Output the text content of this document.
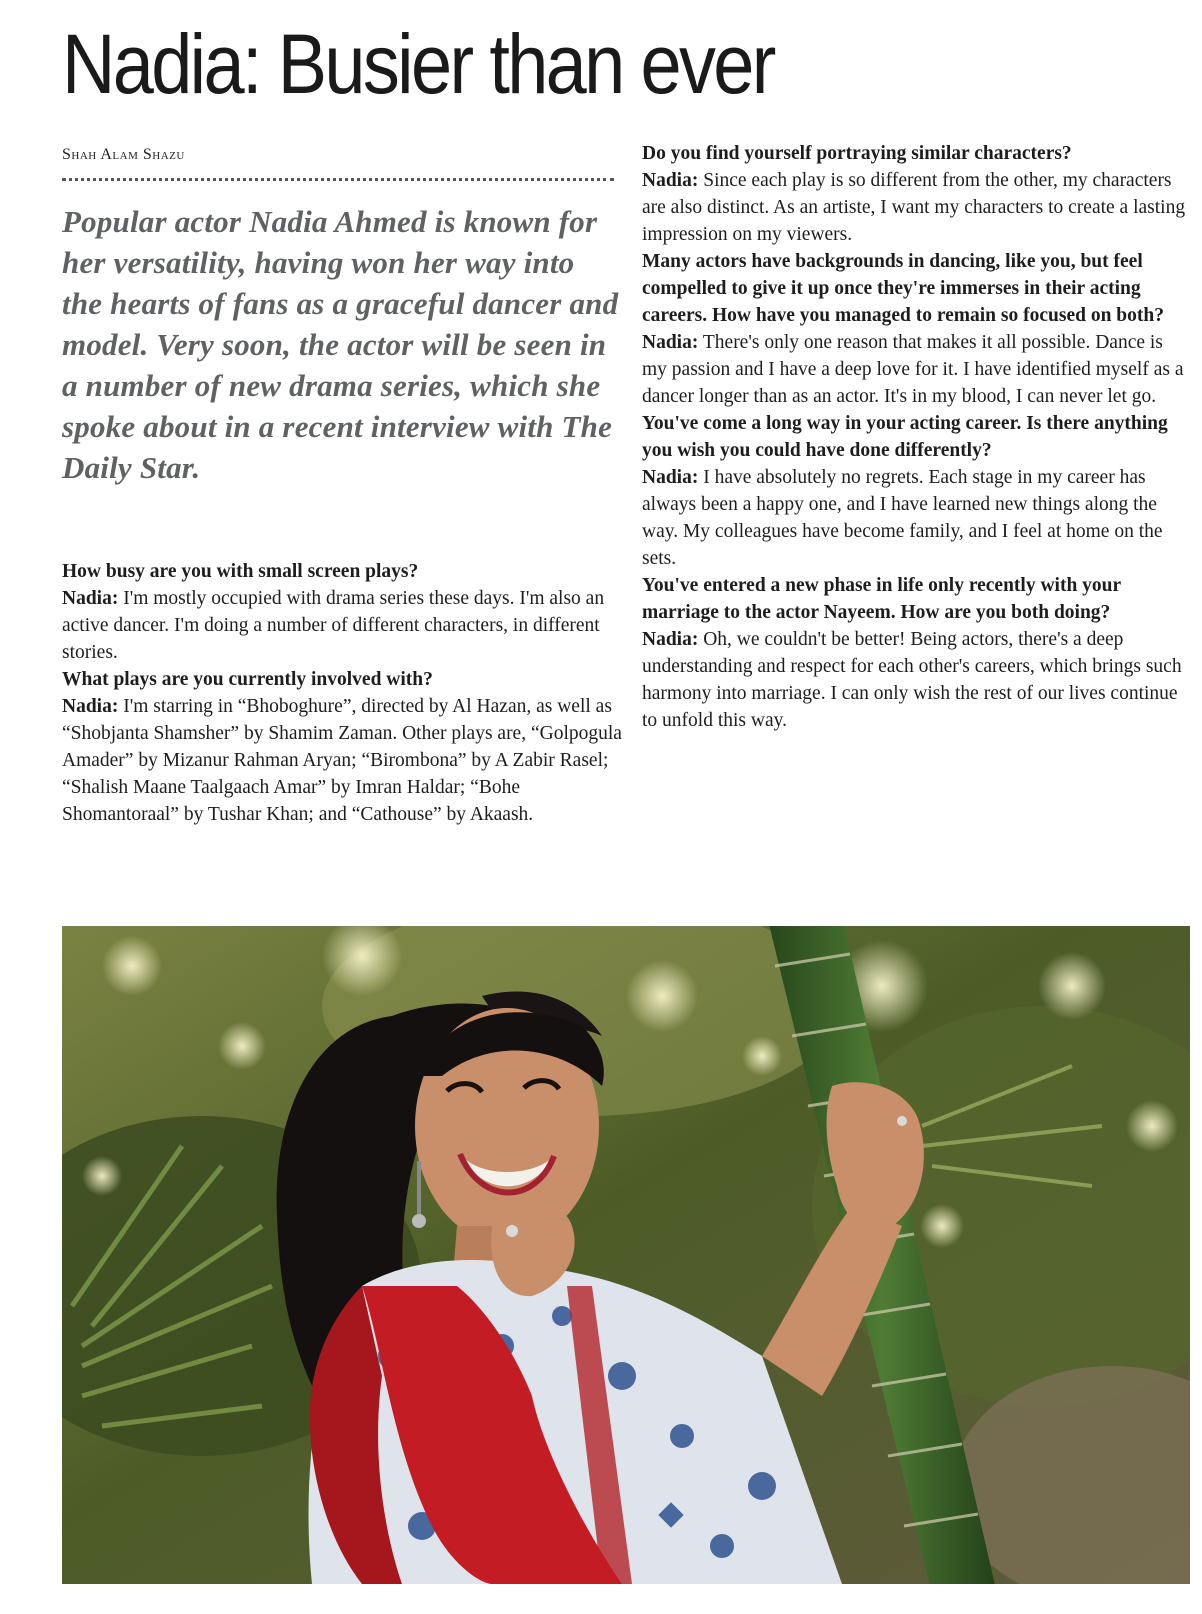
Nadia: Busier than ever
Shah Alam Shazu

Popular actor Nadia Ahmed is known for her versatility, having won her way into the hearts of fans as a graceful dancer and model. Very soon, the actor will be seen in a number of new drama series, which she spoke about in a recent interview with The Daily Star.

How busy are you with small screen plays?

Nadia: I'm mostly occupied with drama series these days. I'm also an active dancer. I'm doing a number of different characters, in different stories.

What plays are you currently involved with?

Nadia: I'm starring in “Bhoboghure”, directed by Al Hazan, as well as “Shobjanta Shamsher” by Shamim Zaman. Other plays are, “Golpogula Amader” by Mizanur Rahman Aryan; “Birombona” by A Zabir Rasel; “Shalish Maane Taalgaach Amar” by Imran Haldar; “Bohe Shomantoraal” by Tushar Khan; and “Cathouse” by Akaash.

Do you find yourself portraying similar characters?

Nadia: Since each play is so different from the other, my characters are also distinct. As an artiste, I want my characters to create a lasting impression on my viewers.

Many actors have backgrounds in dancing, like you, but feel compelled to give it up once they're immerses in their acting careers. How have you managed to remain so focused on both?

Nadia: There's only one reason that makes it all possible. Dance is my passion and I have a deep love for it. I have identified myself as a dancer longer than as an actor. It's in my blood, I can never let go.

You've come a long way in your acting career. Is there anything you wish you could have done differently?

Nadia: I have absolutely no regrets. Each stage in my career has always been a happy one, and I have learned new things along the way. My colleagues have become family, and I feel at home on the sets.

You've entered a new phase in life only recently with your marriage to the actor Nayeem. How are you both doing?

Nadia: Oh, we couldn't be better! Being actors, there's a deep understanding and respect for each other's careers, which brings such harmony into marriage. I can only wish the rest of our lives continue to unfold this way.
